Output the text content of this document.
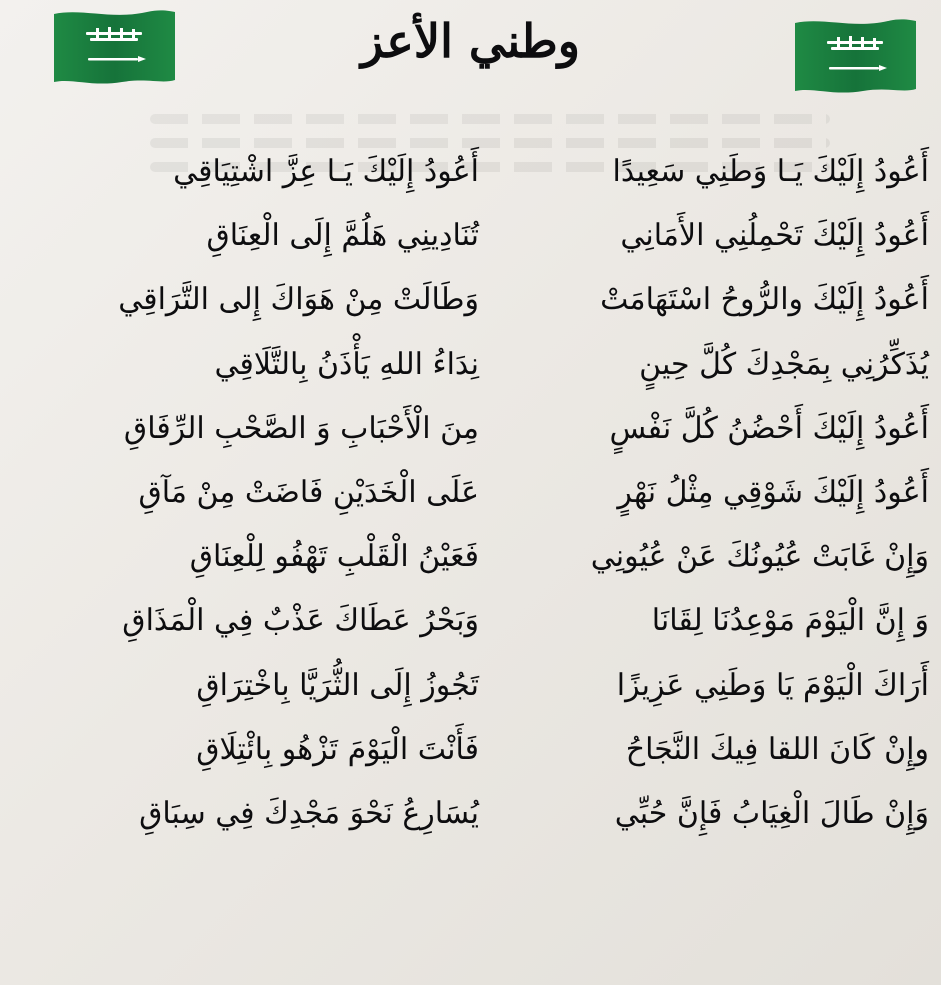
وطني الأعز
أَعُودُ إِلَيْكَ يَـا وَطَنِي سَعِيدًا
أَعُودُ إِلَيْكَ يَـا عِزَّ اشْتِيَاقِي
أَعُودُ إِلَيْكَ تَحْمِلُنِي الأَمَانِي
تُنَادِينِي هَلُمَّ إِلَى الْعِنَاقِ
أَعُودُ إِلَيْكَ والرُّوحُ اسْتَهَامَتْ
وَطَالَتْ مِنْ هَوَاكَ إِلى التَّرَاقِي
يُذَكِّرُنِي بِمَجْدِكَ كُلَّ حِينٍ
نِدَاءُ اللهِ يَأْذَنُ بِالتَّلَاقِي
أَعُودُ إِلَيْكَ أَحْضُنُ كُلَّ نَفْسٍ
مِنَ الْأَحْبَابِ وَ الصَّحْبِ الرِّفَاقِ
أَعُودُ إِلَيْكَ شَوْقِي مِثْلُ نَهْرٍ
عَلَى الْخَدَيْنِ فَاضَتْ مِنْ مَآقِ
وَإِنْ غَابَتْ عُيُونُكَ عَنْ عُيُونِي
فَعَيْنُ الْقَلْبِ تَهْفُو لِلْعِنَاقِ
وَ إِنَّ الْيَوْمَ مَوْعِدُنَا لِقَانَا
وَبَحْرُ عَطَاكَ عَذْبٌ فِي الْمَذَاقِ
أَرَاكَ الْيَوْمَ يَا وَطَنِي عَزِيزًا
تَجُوزُ إِلَى الثُّرَيَّا بِاخْتِرَاقِ
وإِنْ كَانَ اللقا فِيكَ النَّجَاحُ
فَأَنْتَ الْيَوْمَ تَزْهُو بِائْتِلَاقِ
وَإِنْ طَالَ الْغِيَابُ فَإِنَّ حُبِّي
يُسَارِعُ نَحْوَ مَجْدِكَ فِي سِبَاقِ
